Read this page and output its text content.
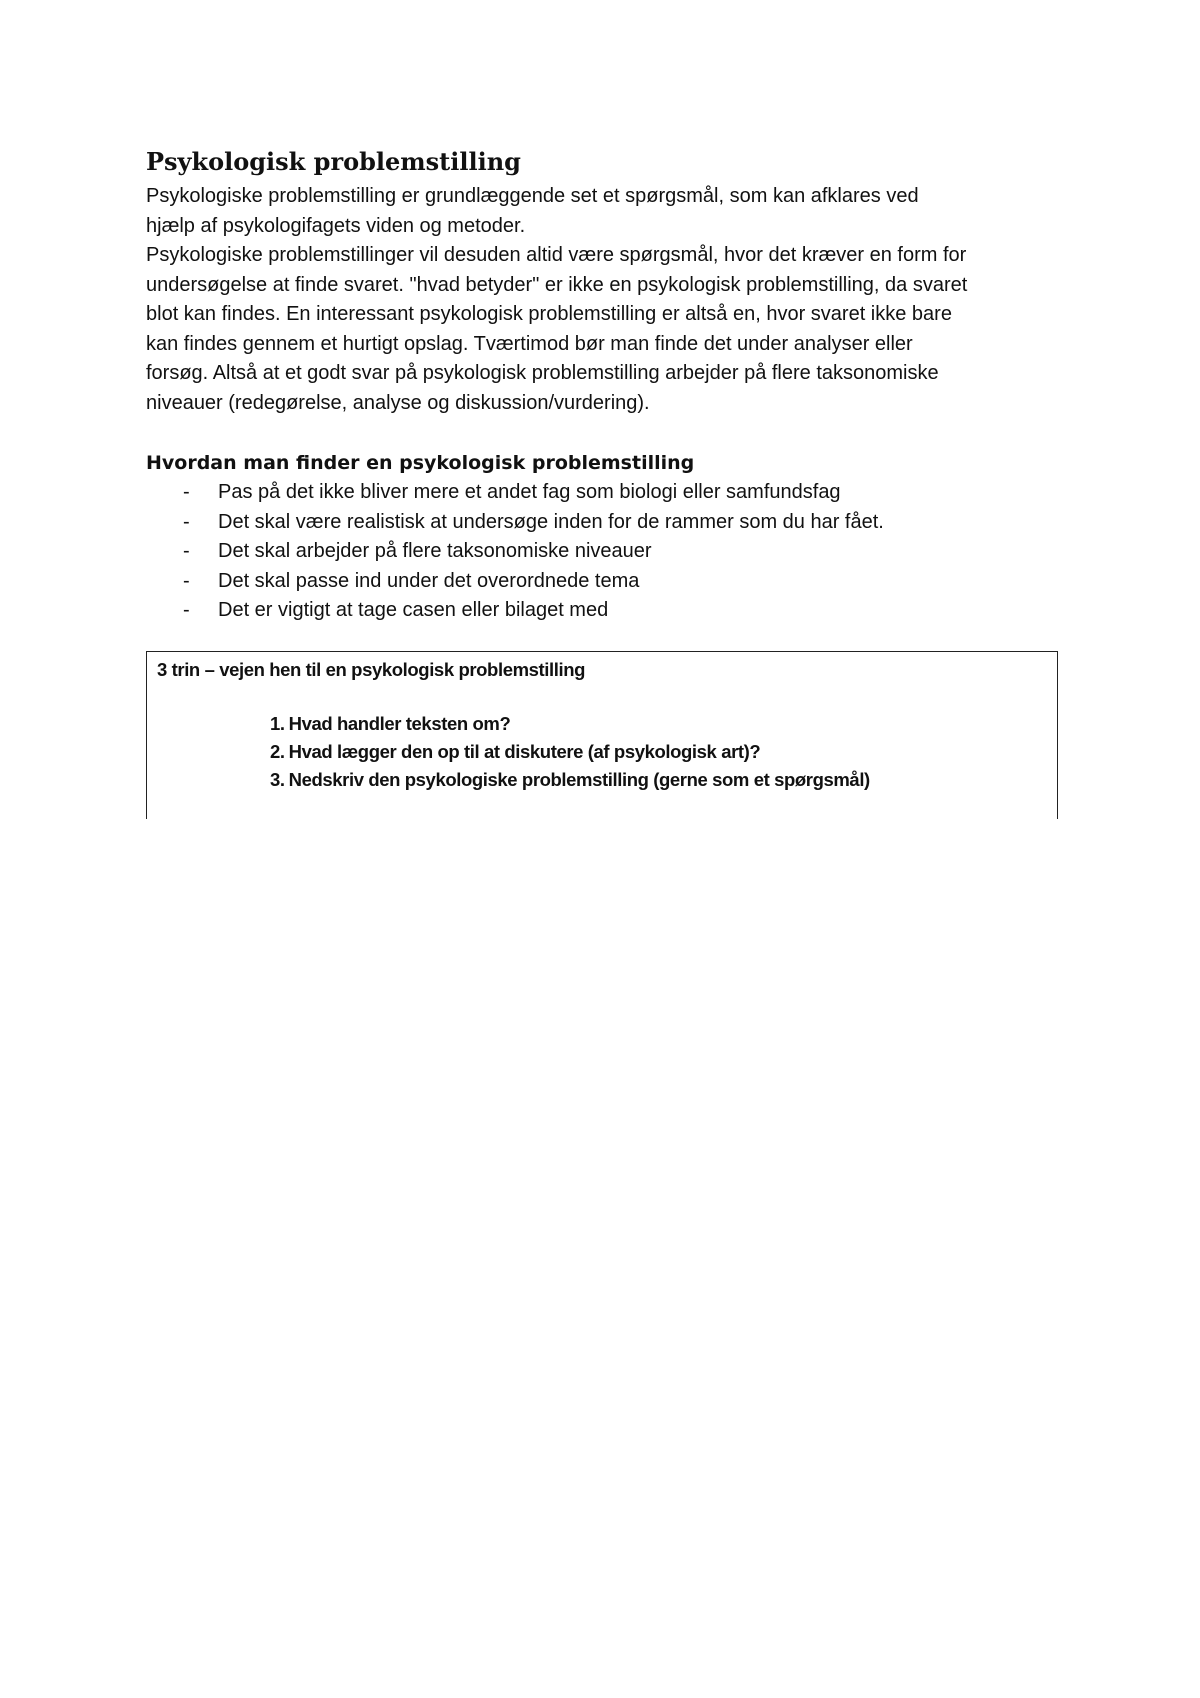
Psykologisk problemstilling

Psykologiske problemstilling er grundlæggende set et spørgsmål, som kan afklares ved

hjælp af psykologifagets viden og metoder.

Psykologiske problemstillinger vil desuden altid være spørgsmål, hvor det kræver en form for

undersøgelse at finde svaret. "hvad betyder" er ikke en psykologisk problemstilling, da svaret

blot kan findes. En interessant psykologisk problemstilling er altså en, hvor svaret ikke bare

kan findes gennem et hurtigt opslag. Tværtimod bør man finde det under analyser eller

forsøg. Altså at et godt svar på psykologisk problemstilling arbejder på flere taksonomiske

niveauer (redegørelse, analyse og diskussion/vurdering).

Hvordan man finder en psykologisk problemstilling
- Pas på det ikke bliver mere et andet fag som biologi eller samfundsfag
- Det skal være realistisk at undersøge inden for de rammer som du har fået.
- Det skal arbejder på flere taksonomiske niveauer
- Det skal passe ind under det overordnede tema
- Det er vigtigt at tage casen eller bilaget med

3 trin – vejen hen til en psykologisk problemstilling

1. Hvad handler teksten om?
2. Hvad lægger den op til at diskutere (af psykologisk art)?
3. Nedskriv den psykologiske problemstilling (gerne som et spørgsmål)
